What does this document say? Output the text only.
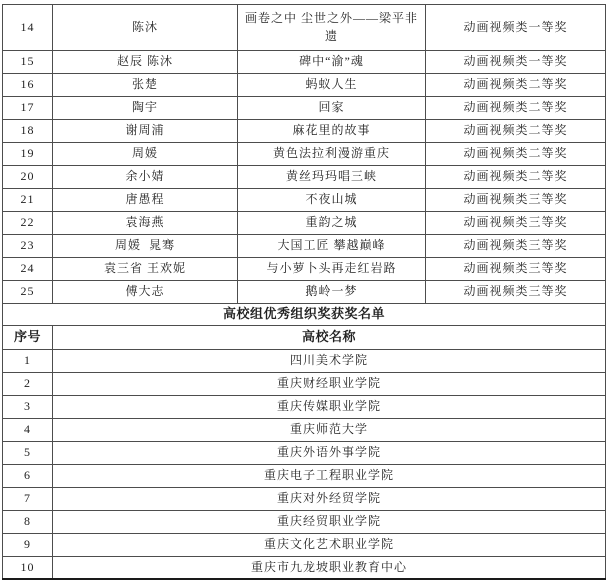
14	陈沐	画卷之中 尘世之外——梁平非遗	动画视频类一等奖
15	赵辰 陈沐	碑中“渝”魂	动画视频类一等奖
16	张楚	蚂蚁人生	动画视频类二等奖
17	陶宇	回家	动画视频类二等奖
18	谢周浦	麻花里的故事	动画视频类二等奖
19	周媛	黄色法拉利漫游重庆	动画视频类二等奖
20	余小婧	黄丝玛玛唱三峡	动画视频类二等奖
21	唐愚程	不夜山城	动画视频类三等奖
22	袁海燕	重韵之城	动画视频类三等奖
23	周媛  晁骞	大国工匠 攀越巅峰	动画视频类三等奖
24	袁三省 王欢妮	与小萝卜头再走红岩路	动画视频类三等奖
25	傅大志	鹅岭一梦	动画视频类三等奖
高校组优秀组织奖获奖名单			
序号	高校名称		
1	四川美术学院		
2	重庆财经职业学院		
3	重庆传媒职业学院		
4	重庆师范大学		
5	重庆外语外事学院		
6	重庆电子工程职业学院		
7	重庆对外经贸学院		
8	重庆经贸职业学院		
9	重庆文化艺术职业学院		
10	重庆市九龙坡职业教育中心		
